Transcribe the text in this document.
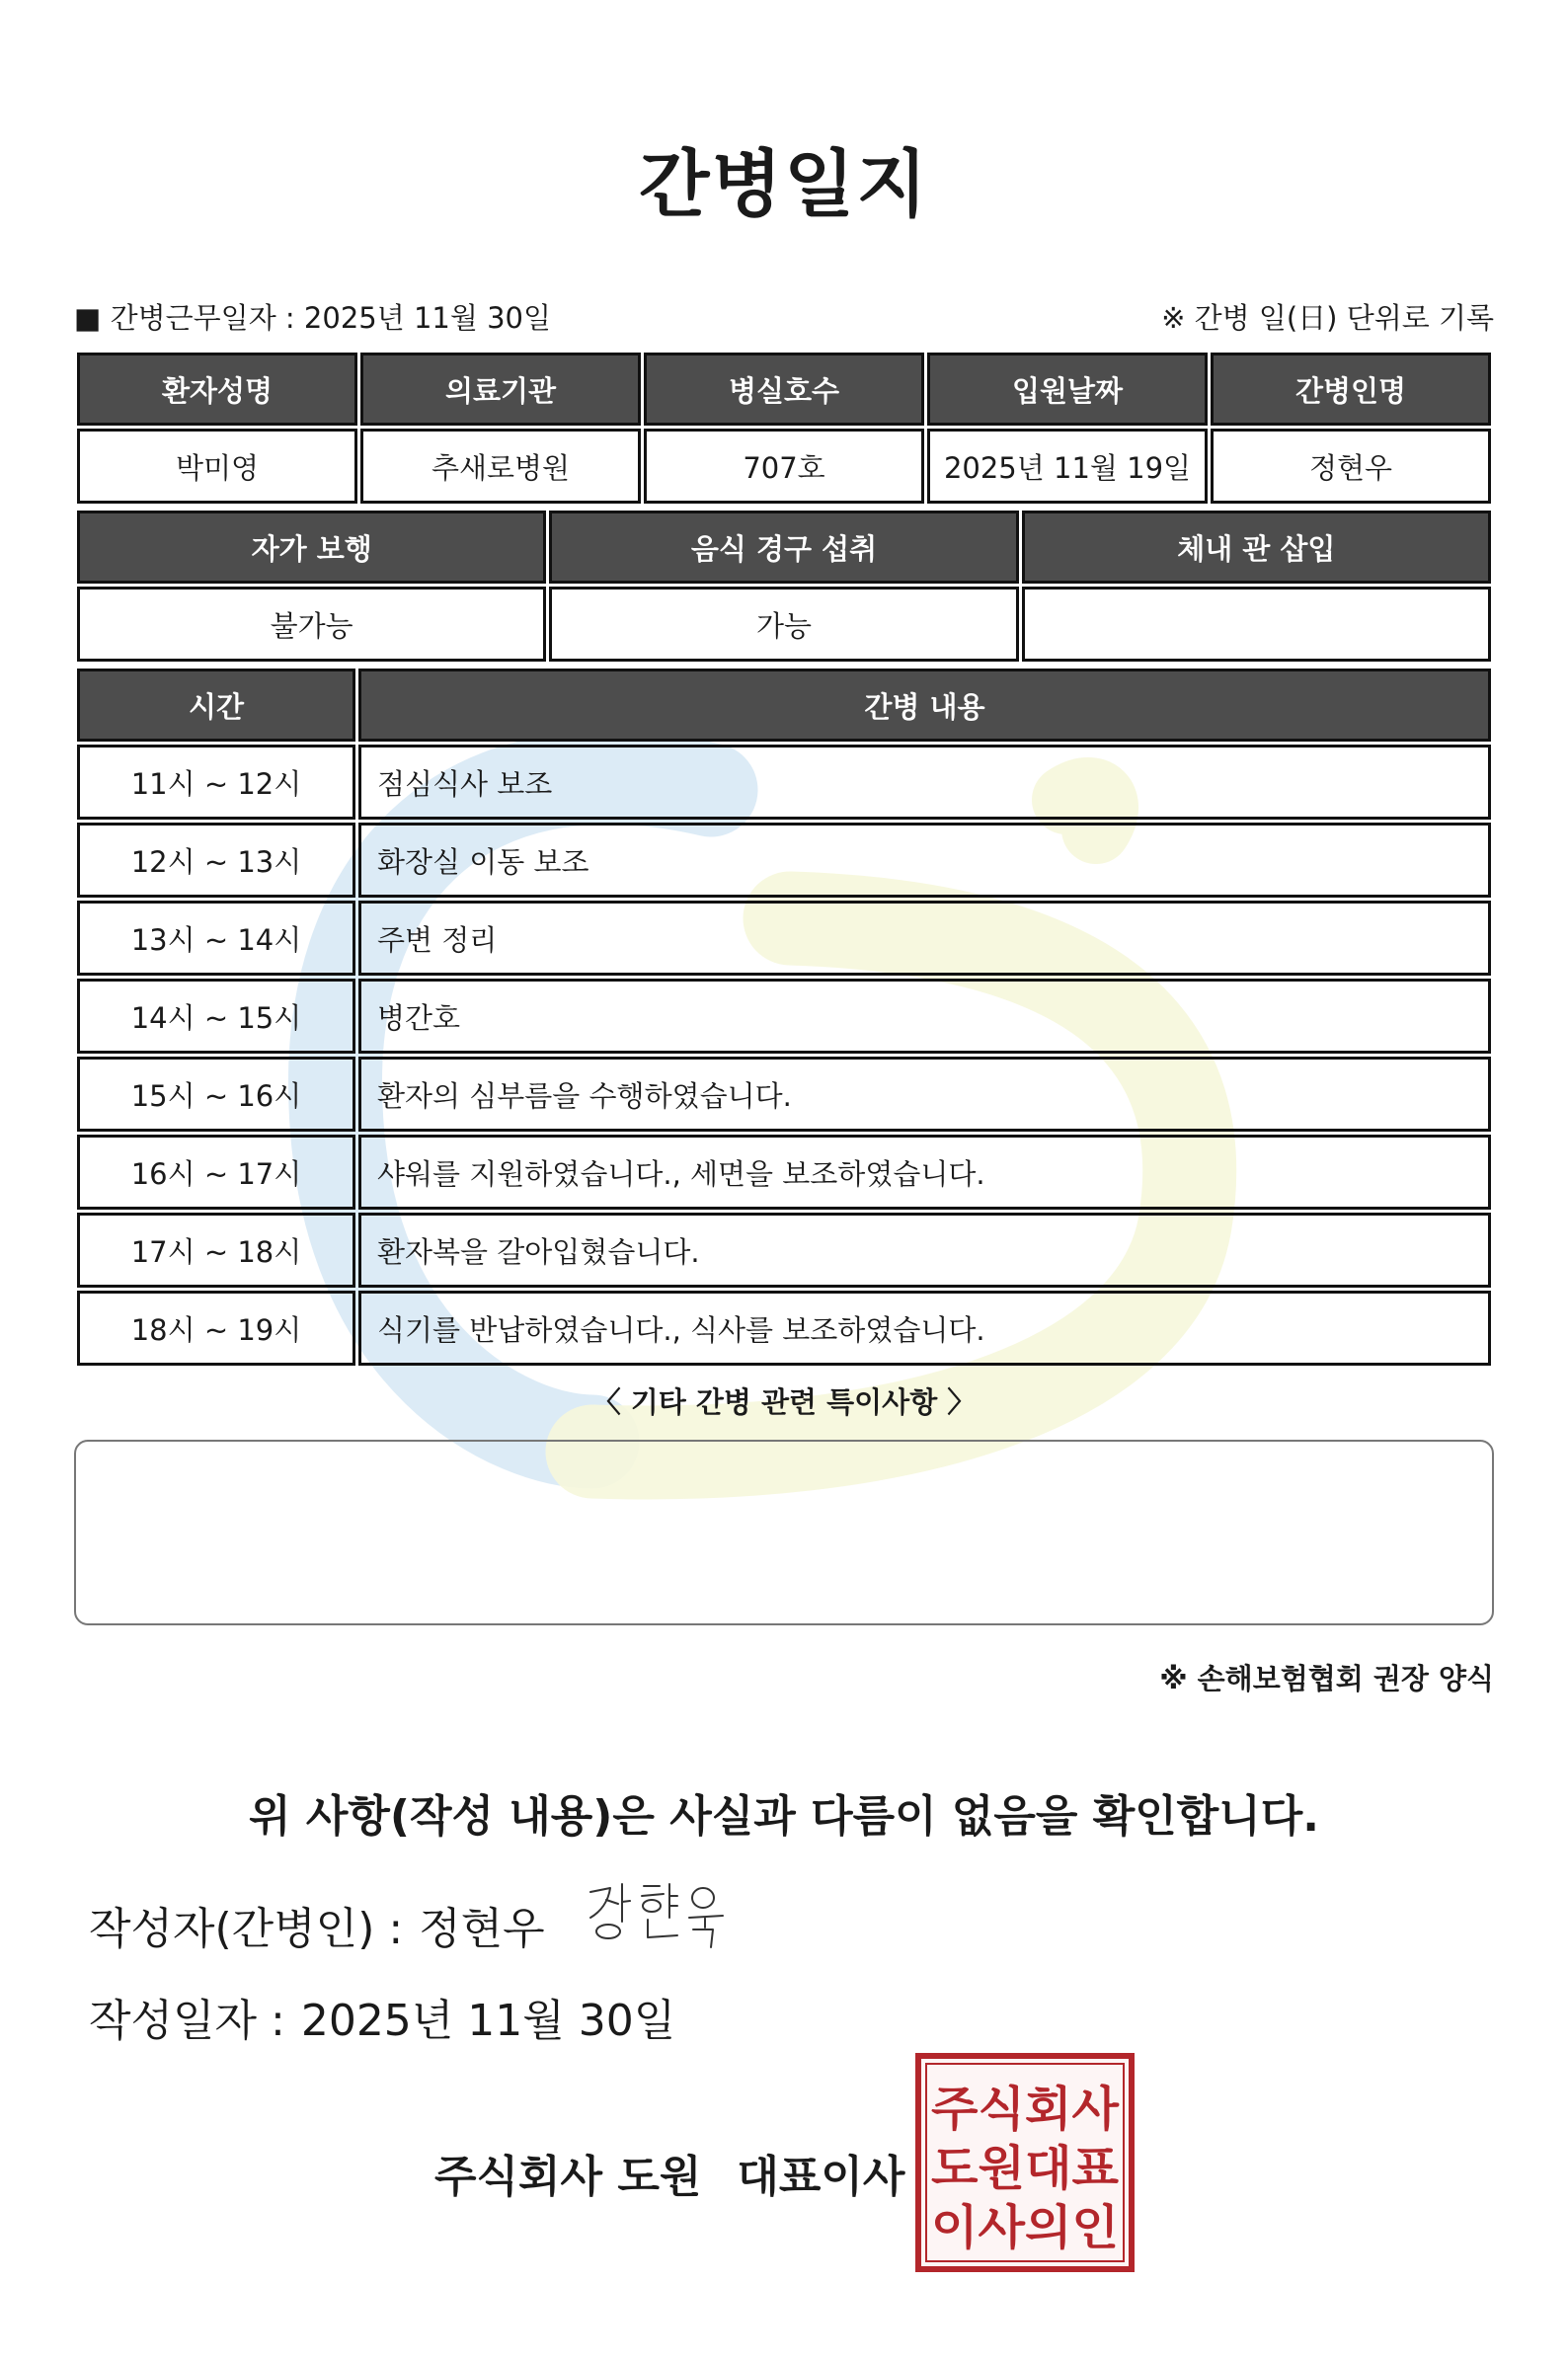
간병일지
■ 간병근무일자 : 2025년 11월 30일	※ 간병 일(日) 단위로 기록
환자성명	의료기관	병실호수	입원날짜	간병인명
박미영	추새로병원	707호	2025년 11월 19일	정현우
자가 보행	음식 경구 섭취	체내 관 삽입
불가능	가능	
시간	간병 내용
11시 ~ 12시	점심식사 보조
12시 ~ 13시	화장실 이동 보조
13시 ~ 14시	주변 정리
14시 ~ 15시	병간호
15시 ~ 16시	환자의 심부름을 수행하였습니다.
16시 ~ 17시	샤워를 지원하였습니다., 세면을 보조하였습니다.
17시 ~ 18시	환자복을 갈아입혔습니다.
18시 ~ 19시	식기를 반납하였습니다., 식사를 보조하였습니다.
〈 기타 간병 관련 특이사항 〉
※ 손해보험협회 권장 양식
위 사항(작성 내용)은 사실과 다름이 없음을 확인합니다.
작성자(간병인) : 정현우
작성일자 : 2025년 11월 30일
주식회사 도원 대표이사
주식회사
도원대표
이사의인
